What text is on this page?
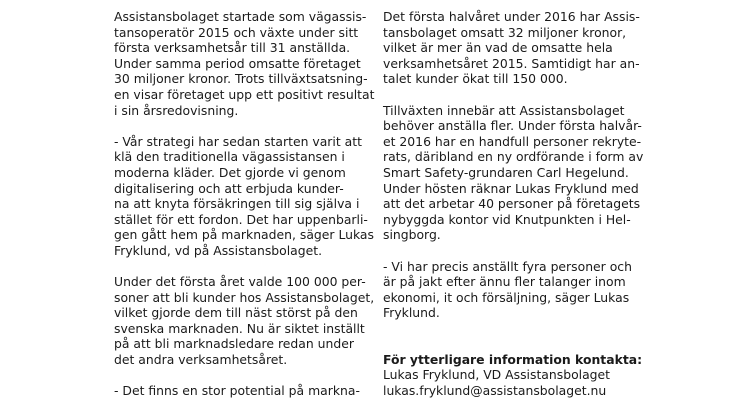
Assistansbolaget startade som vägassis-
tansoperatör 2015 och växte under sitt
första verksamhetsår till 31 anställda.
Under samma period omsatte företaget
30 miljoner kronor. Trots tillväxtsatsning-
en visar företaget upp ett positivt resultat
i sin årsredovisning.

- Vår strategi har sedan starten varit att
klä den traditionella vägassistansen i
moderna kläder. Det gjorde vi genom
digitalisering och att erbjuda kunder-
na att knyta försäkringen till sig själva i
stället för ett fordon. Det har uppenbarli-
gen gått hem på marknaden, säger Lukas
Fryklund, vd på Assistansbolaget.

Under det första året valde 100 000 per-
soner att bli kunder hos Assistansbolaget,
vilket gjorde dem till näst störst på den
svenska marknaden. Nu är siktet inställt
på att bli marknadsledare redan under
det andra verksamhetsåret.

- Det finns en stor potential på markna-

Det första halvåret under 2016 har Assis-
tansbolaget omsatt 32 miljoner kronor,
vilket är mer än vad de omsatte hela
verksamhetsåret 2015. Samtidigt har an-
talet kunder ökat till 150 000.

Tillväxten innebär att Assistansbolaget
behöver anställa fler. Under första halvår-
et 2016 har en handfull personer rekryte-
rats, däribland en ny ordförande i form av
Smart Safety-grundaren Carl Hegelund.
Under hösten räknar Lukas Fryklund med
att det arbetar 40 personer på företagets
nybyggda kontor vid Knutpunkten i Hel-
singborg.

- Vi har precis anställt fyra personer och
är på jakt efter ännu fler talanger inom
ekonomi, it och försäljning, säger Lukas
Fryklund.

För ytterligare information kontakta:
Lukas Fryklund, VD Assistansbolaget
lukas.fryklund@assistansbolaget.nu
